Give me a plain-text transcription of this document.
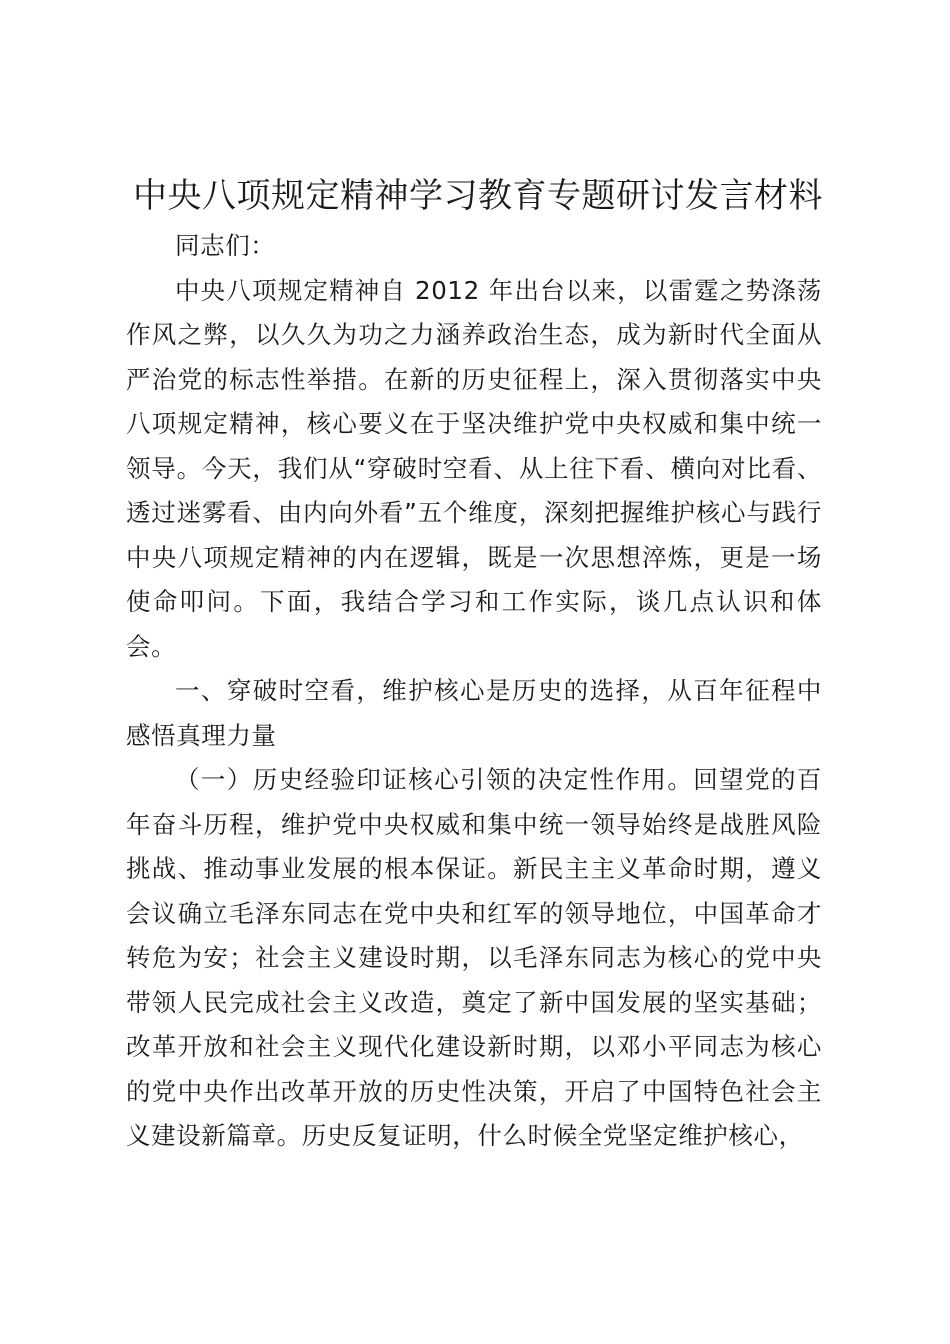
中央八项规定精神学习教育专题研讨发言材料

同志们：

中央八项规定精神自 2012 年出台以来，以雷霆之势涤荡作风之弊，以久久为功之力涵养政治生态，成为新时代全面从严治党的标志性举措。在新的历史征程上，深入贯彻落实中央八项规定精神，核心要义在于坚决维护党中央权威和集中统一领导。今天，我们从“穿破时空看、从上往下看、横向对比看、透过迷雾看、由内向外看”五个维度，深刻把握维护核心与践行中央八项规定精神的内在逻辑，既是一次思想淬炼，更是一场使命叩问。下面，我结合学习和工作实际，谈几点认识和体会。

一、穿破时空看，维护核心是历史的选择，从百年征程中感悟真理力量

（一）历史经验印证核心引领的决定性作用。回望党的百年奋斗历程，维护党中央权威和集中统一领导始终是战胜风险挑战、推动事业发展的根本保证。新民主主义革命时期，遵义会议确立毛泽东同志在党中央和红军的领导地位，中国革命才转危为安；社会主义建设时期，以毛泽东同志为核心的党中央带领人民完成社会主义改造，奠定了新中国发展的坚实基础；改革开放和社会主义现代化建设新时期，以邓小平同志为核心的党中央作出改革开放的历史性决策，开启了中国特色社会主义建设新篇章。历史反复证明，什么时候全党坚定维护核心，
